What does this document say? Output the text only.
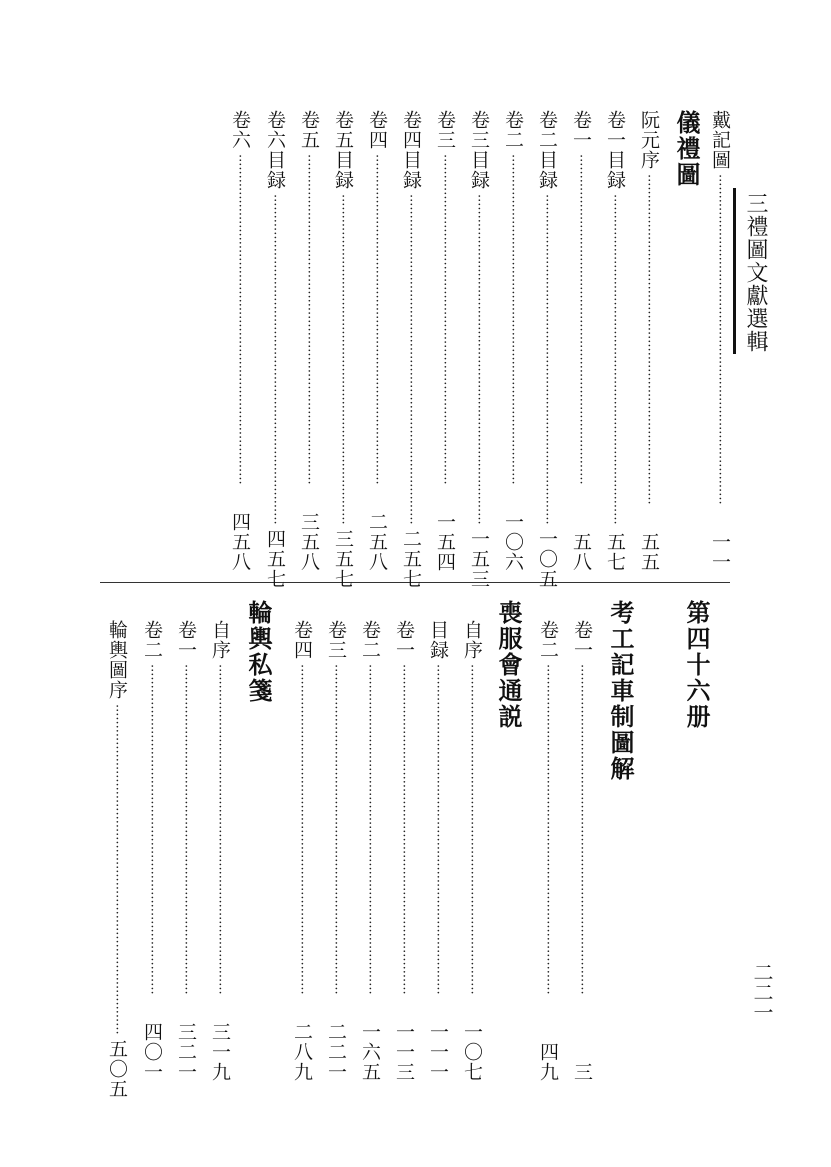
三禮圖文獻選輯
二二一
戴記圖
················································································
一一
儀禮圖
阮元序
················································································
五五
卷一目録
················································································
五七
卷一
················································································
五八
卷二目録
················································································
一〇五
卷二
················································································
一〇六
卷三目録
················································································
一五三
卷三
················································································
一五四
卷四目録
················································································
二五七
卷四
················································································
二五八
卷五目録
················································································
三五七
卷五
················································································
三五八
卷六目録
················································································
四五七
卷六
················································································
四五八
第四十六册
考工記車制圖解
卷一
················································································
三
卷二
················································································
四九
喪服會通説
自序
················································································
一〇七
目録
················································································
一一一
卷一
················································································
一一三
卷二
················································································
一六五
卷三
················································································
二二一
卷四
················································································
二八九
輪輿私箋
自序
················································································
三一九
卷一
················································································
三二一
卷二
················································································
四〇一
輪輿圖序
················································································
五〇五
